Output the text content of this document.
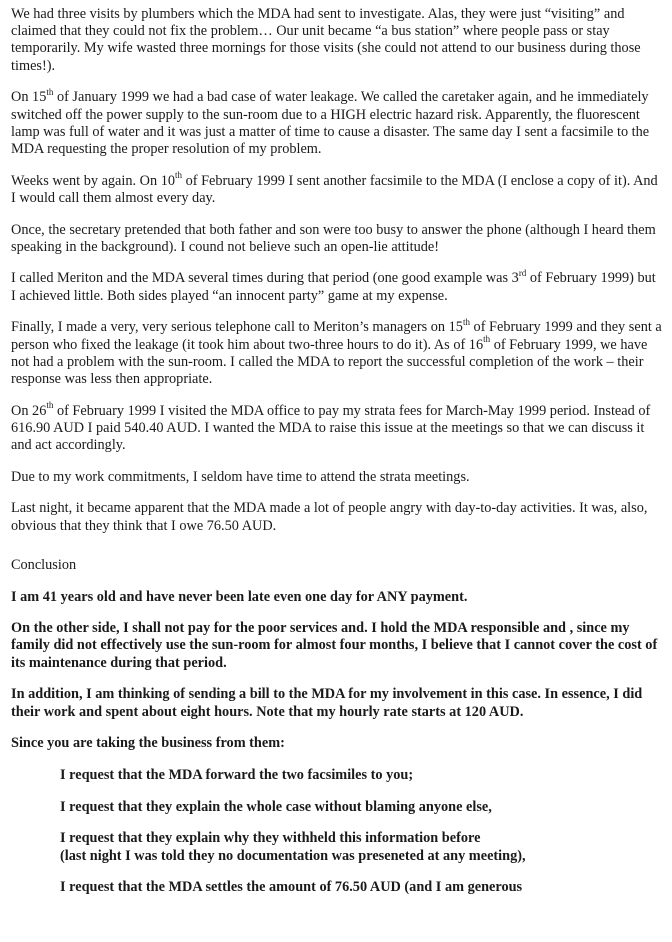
We had three visits by plumbers which the MDA had sent to investigate. Alas, they were just “visiting” and claimed that they could not fix the problem… Our unit became “a bus station” where people pass or stay temporarily. My wife wasted three mornings for those visits (she could not attend to our business during those times!).

On 15th of January 1999 we had a bad case of water leakage. We called the caretaker again, and he immediately switched off the power supply to the sun-room due to a HIGH electric hazard risk. Apparently, the fluorescent lamp was full of water and it was just a matter of time to cause a disaster. The same day I sent a facsimile to the MDA requesting the proper resolution of my problem.

Weeks went by again. On 10th of February 1999 I sent another facsimile to the MDA (I enclose a copy of it). And I would call them almost every day.

Once, the secretary pretended that both father and son were too busy to answer the phone (although I heard them speaking in the background). I cound not believe such an open-lie attitude!

I called Meriton and the MDA several times during that period (one good example was 3rd of February 1999) but I achieved little. Both sides played “an innocent party” game at my expense.

Finally, I made a very, very serious telephone call to Meriton’s managers on 15th of February 1999 and they sent a person who fixed the leakage (it took him about two-three hours to do it). As of 16th of February 1999, we have not had a problem with the sun-room. I called the MDA to report the successful completion of the work – their response was less then appropriate.

On 26th of February 1999 I visited the MDA office to pay my strata fees for March-May 1999 period. Instead of 616.90 AUD I paid 540.40 AUD. I wanted the MDA to raise this issue at the meetings so that we can discuss it and act accordingly.

Due to my work commitments, I seldom have time to attend the strata meetings.

Last night, it became apparent that the MDA made a lot of people angry with day-to-day activities. It was, also, obvious that they think that I owe 76.50 AUD.

Conclusion

I am 41 years old and have never been late even one day for ANY payment.

On the other side, I shall not pay for the poor services and. I hold the MDA responsible and , since my family did not effectively use the sun-room for almost four months, I believe that I cannot cover the cost of its maintenance during that period.

In addition, I am thinking of sending a bill to the MDA for my involvement in this case. In essence, I did their work and spent about eight hours. Note that my hourly rate starts at 120 AUD.

Since you are taking the business from them:

I request that the MDA forward the two facsimiles to you;

I request that they explain the whole case without blaming anyone else,

I request that they explain why they withheld this information before
(last night I was told they no documentation was preseneted at any meeting),

I request that the MDA settles the amount of 76.50 AUD (and I am generous
